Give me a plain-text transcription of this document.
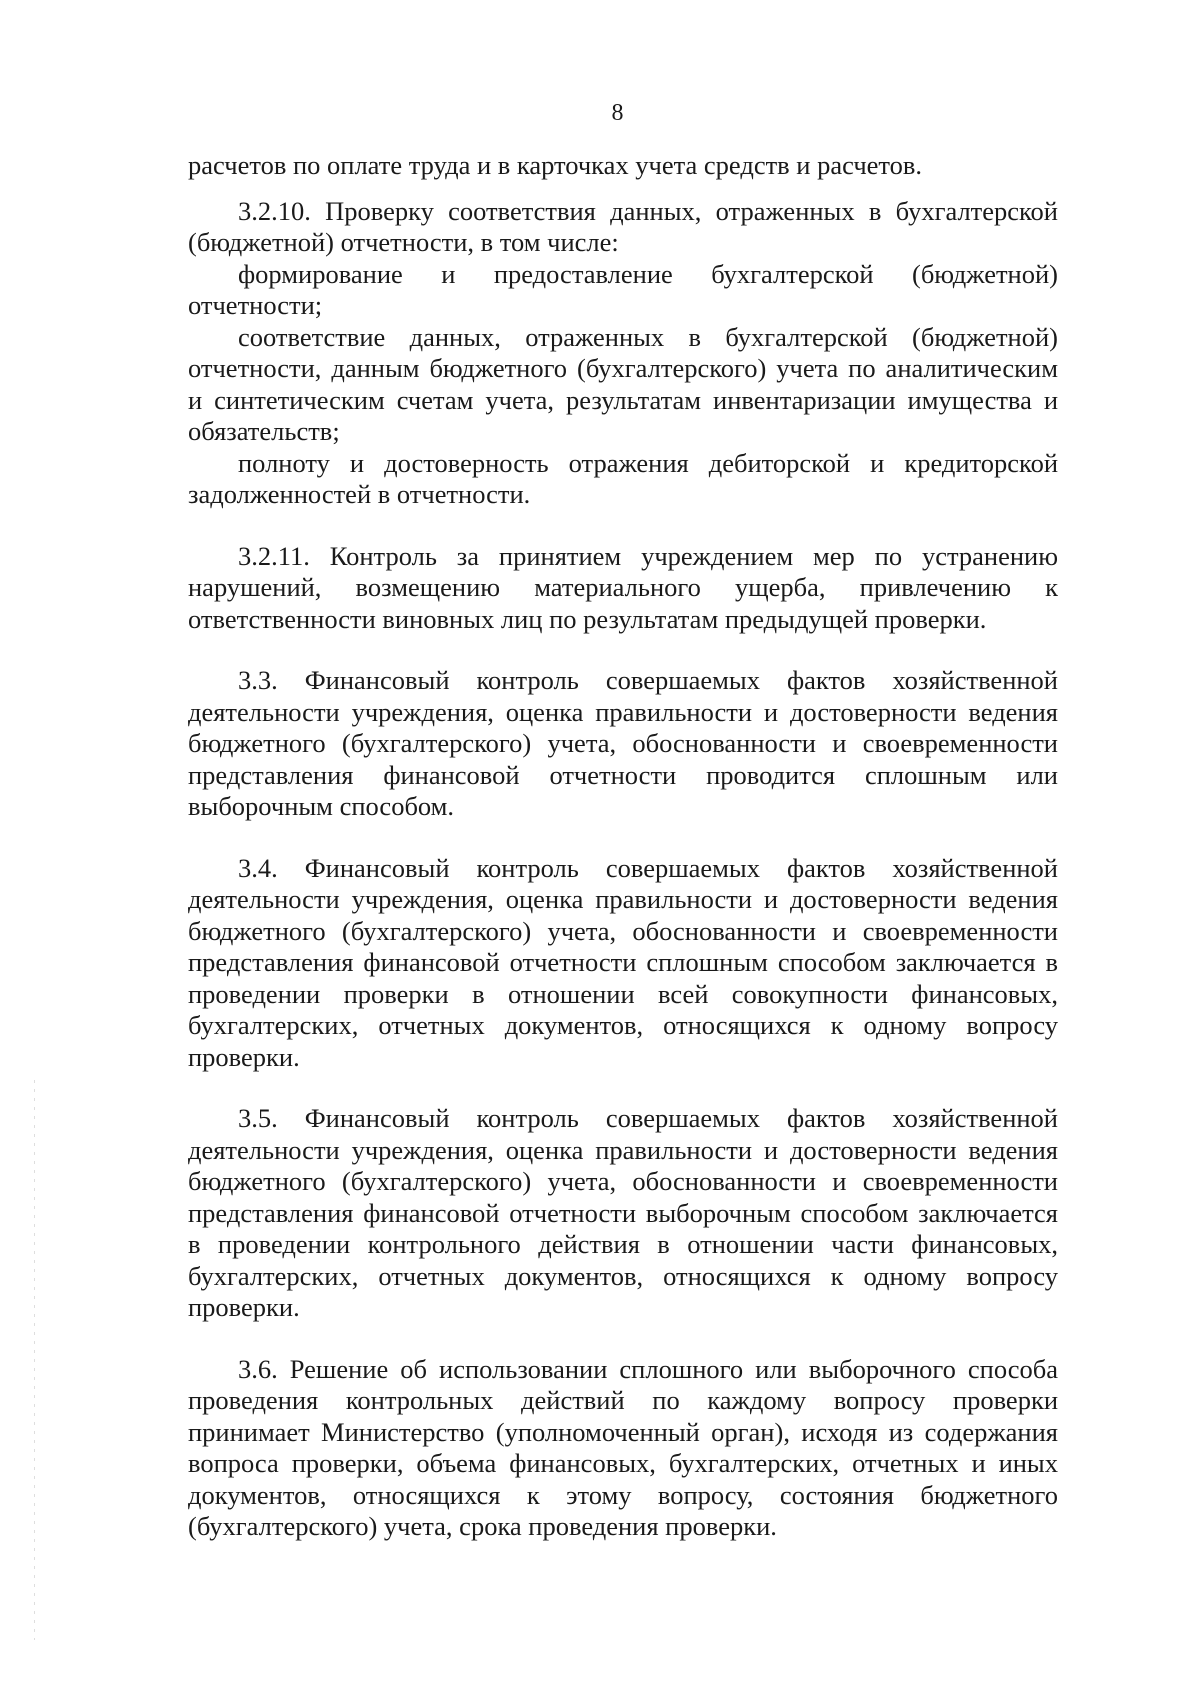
8

расчетов по оплате труда и в карточках учета средств и расчетов.

3.2.10. Проверку соответствия данных, отраженных в бухгалтерской (бюджетной) отчетности, в том числе:

формирование и предоставление бухгалтерской (бюджетной) отчетности;

соответствие данных, отраженных в бухгалтерской (бюджетной) отчетности, данным бюджетного (бухгалтерского) учета по аналитическим и синтетическим счетам учета, результатам инвентаризации имущества и обязательств;

полноту и достоверность отражения дебиторской и кредиторской задолженностей в отчетности.

3.2.11. Контроль за принятием учреждением мер по устранению нарушений, возмещению материального ущерба, привлечению к ответственности виновных лиц по результатам предыдущей проверки.

3.3. Финансовый контроль совершаемых фактов хозяйственной деятельности учреждения, оценка правильности и достоверности ведения бюджетного (бухгалтерского) учета, обоснованности и своевременности представления финансовой отчетности проводится сплошным или выборочным способом.

3.4. Финансовый контроль совершаемых фактов хозяйственной деятельности учреждения, оценка правильности и достоверности ведения бюджетного (бухгалтерского) учета, обоснованности и своевременности представления финансовой отчетности сплошным способом заключается в проведении проверки в отношении всей совокупности финансовых, бухгалтерских, отчетных документов, относящихся к одному вопросу проверки.

3.5. Финансовый контроль совершаемых фактов хозяйственной деятельности учреждения, оценка правильности и достоверности ведения бюджетного (бухгалтерского) учета, обоснованности и своевременности представления финансовой отчетности выборочным способом заключается в проведении контрольного действия в отношении части финансовых, бухгалтерских, отчетных документов, относящихся к одному вопросу проверки.

3.6. Решение об использовании сплошного или выборочного способа проведения контрольных действий по каждому вопросу проверки принимает Министерство (уполномоченный орган), исходя из содержания вопроса проверки, объема финансовых, бухгалтерских, отчетных и иных документов, относящихся к этому вопросу, состояния бюджетного (бухгалтерского) учета, срока проведения проверки.
